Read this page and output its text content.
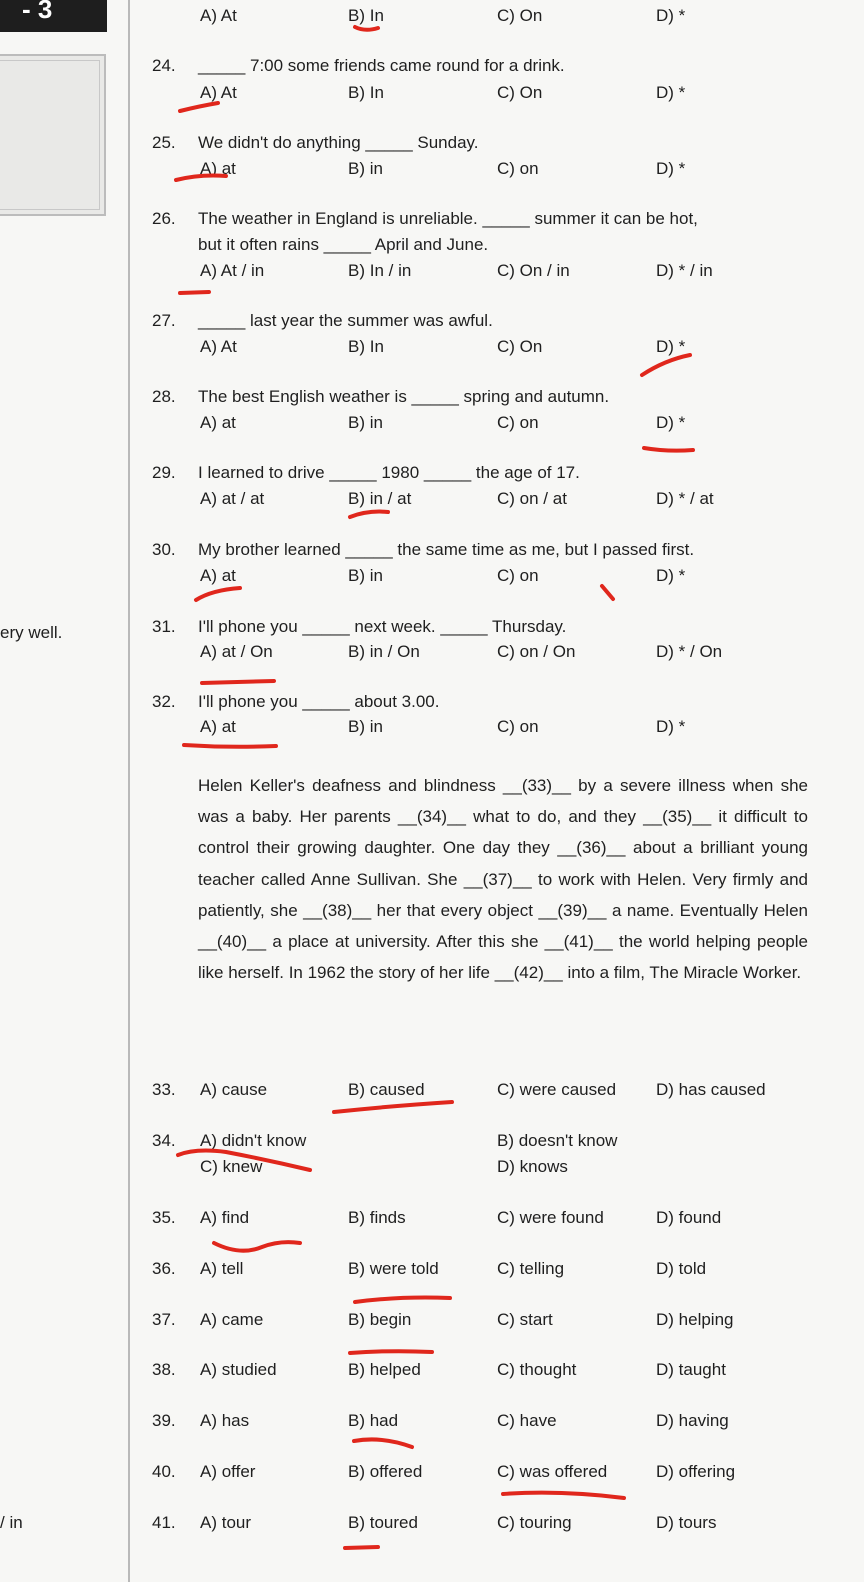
- 3
ery well.
/ in
A) At	B) In	C) On	D) *
24. _____ 7:00 some friends came round for a drink.
A) At	B) In	C) On	D) *
25. We didn't do anything _____ Sunday.
A) at	B) in	C) on	D) *
26. The weather in England is unreliable. _____ summer it can be hot,
but it often rains _____ April and June.
A) At / in	B) In / in	C) On / in	D) * / in
27. _____ last year the summer was awful.
A) At	B) In	C) On	D) *
28. The best English weather is _____ spring and autumn.
A) at	B) in	C) on	D) *
29. I learned to drive _____ 1980 _____ the age of 17.
A) at / at	B) in / at	C) on / at	D) * / at
30. My brother learned _____ the same time as me, but I passed first.
A) at	B) in	C) on	D) *
31. I'll phone you _____ next week. _____ Thursday.
A) at / On	B) in / On	C) on / On	D) * / On
32. I'll phone you _____ about 3.00.
A) at	B) in	C) on	D) *

Helen Keller's deafness and blindness __(33)__ by a severe illness when she was a baby. Her parents __(34)__ what to do, and they __(35)__ it difficult to control their growing daughter. One day they __(36)__ about a brilliant young teacher called Anne Sullivan. She __(37)__ to work with Helen. Very firmly and patiently, she __(38)__ her that every object __(39)__ a name. Eventually Helen __(40)__ a place at university. After this she __(41)__ the world helping people like herself. In 1962 the story of her life __(42)__ into a film, The Miracle Worker.

33. A) cause	B) caused	C) were caused D) has caused
34. A) didn't know	B) doesn't know
C) knew	D) knows
35. A) find	B) finds	C) were found	D) found
36. A) tell	B) were told	C) telling	D) told
37. A) came	B) begin	C) start	D) helping
38. A) studied	B) helped	C) thought	D) taught
39. A) has	B) had	C) have	D) having
40. A) offer	B) offered	C) was offered	D) offering
41. A) tour	B) toured	C) touring	D) tours
